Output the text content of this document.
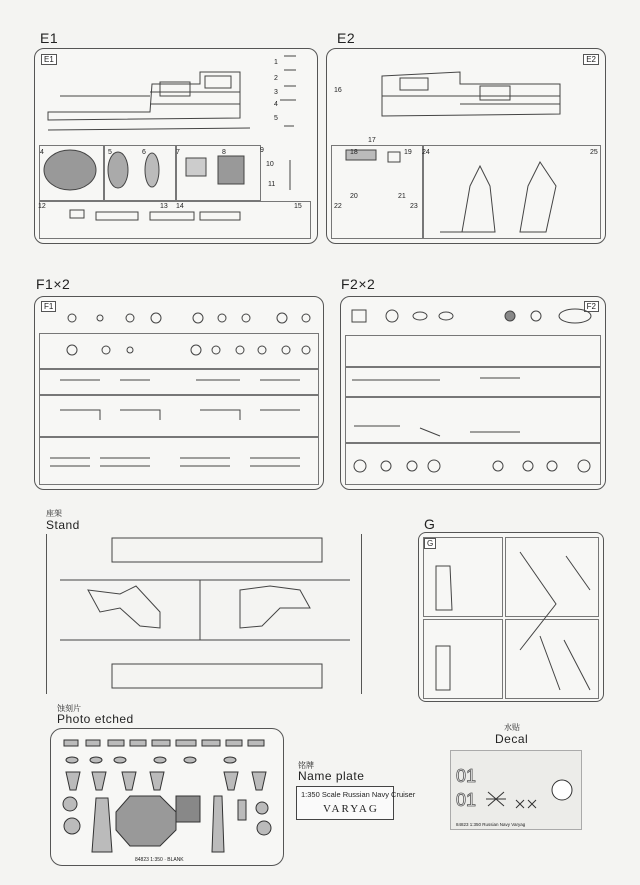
E1	E2
F1×2	F2×2
座架
Stand	G
蚀刻片
Photo etched
铭牌
Name plate
水贴
Decal
E1	E2
F1	F2
G
84823 1:350 · BLANK
1:350 Scale Russian Navy Cruiser
VARYAG
84823 1:350 Russian Navy Varyag
01
01
1
2
3
4
5
4	5	6	7	8	9
10
11
12	13 14	15
16
17
18	19
20	21
22	23
24	25
